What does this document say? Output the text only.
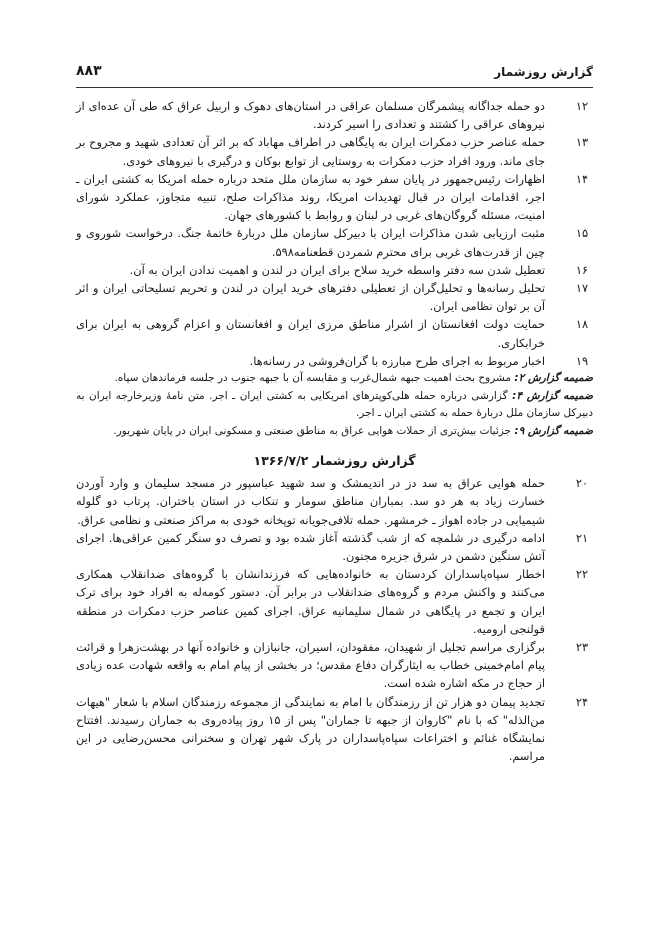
گزارش روزشمار
۸۸۳
۱۲
دو حمله جداگانه پیشمرگان مسلمان عراقی در استان‌های دهوک و اربیل عراق که طی آن عده‌ای از نیروهای عراقی را کشتند و تعدادی را اسیر کردند.
۱۳
حمله عناصر حزب دمکرات ایران به پایگاهی در اطراف مهاباد که بر اثر آن تعدادی شهید و مجروح بر جای ماند. ورود افراد حزب دمکرات به روستایی از توابع بوکان و درگیری با نیروهای خودی.
۱۴
اظهارات رئیس‌جمهور در پایان سفر خود به سازمان ملل متحد درباره حمله امریکا به کشتی ایران ـ اجر، اقدامات ایران در قبال تهدیدات امریکا، روند مذاکرات صلح، تنبیه متجاوز، عملکرد شورای امنیت، مسئله گروگان‌های غربی در لبنان و روابط با کشورهای جهان.
۱۵
مثبت ارزیابی شدن مذاکرات ایران با دبیرکل سازمان ملل دربارهٔ خاتمهٔ جنگ. درخواست شوروی و چین از قدرت‌های غربی برای محترم شمردن قطعنامه۵۹۸.
۱۶
تعطیل شدن سه دفتر واسطه خرید سلاح برای ایران در لندن و اهمیت ندادن ایران به آن.
۱۷
تحلیل رسانه‌ها و تحلیل‌گران از تعطیلی دفترهای خرید ایران در لندن و تحریم تسلیحاتی ایران و اثر آن بر توان نظامی ایران.
۱۸
حمایت دولت افغانستان از اشرار مناطق مرزی ایران و افغانستان و اعزام گروهی به ایران برای خرابکاری.
۱۹
اخبار مربوط به اجرای طرح مبارزه با گران‌فروشی در رسانه‌ها.
ضمیمه گزارش ۲: مشروح بحث اهمیت جبهه شمال‌غرب و مقایسه آن با جبهه جنوب در جلسه فرماندهان سپاه.
ضمیمه گزارش ۴: گزارشی درباره حمله هلی‌کوپترهای امریکایی به کشتی ایران ـ اجر. متن نامهٔ وزیرخارجه ایران به دبیرکل سازمان ملل دربارهٔ حمله به کشتی ایران ـ اجر.
ضمیمه گزارش ۹: جزئیات بیش‌تری از حملات هوایی عراق به مناطق صنعتی و مسکونی ایران در پایان شهریور.
گزارش روزشمار ۱۳۶۶/۷/۲
۲۰
حمله هوایی عراق به سد دز در اندیمشک و سد شهید عباسپور در مسجد سلیمان و وارد آوردن خسارت زیاد به هر دو سد. بمباران مناطق سومار و تنکاب در استان باختران. پرتاب دو گلوله شیمیایی در جاده اهواز ـ خرمشهر. حمله تلافی‌جویانه توپخانه خودی به مراکز صنعتی و نظامی عراق.
۲۱
ادامه درگیری در شلمچه که از شب گذشته آغاز شده بود و تصرف دو سنگر کمین عراقی‌ها. اجرای آتش سنگین دشمن در شرق جزیره مجنون.
۲۲
اخطار سپاه‌پاسداران کردستان به خانواده‌هایی که فرزندانشان با گروه‌های ضدانقلاب همکاری می‌کنند و واکنش مردم و گروه‌های ضدانقلاب در برابر آن. دستور کومه‌له به افراد خود برای ترک ایران و تجمع در پایگاهی در شمال سلیمانیه عراق. اجرای کمین عناصر حزب دمکرات در منطقه قولنجی ارومیه.
۲۳
برگزاری مراسم تجلیل از شهیدان، مفقودان، اسیران، جانبازان و خانواده آنها در بهشت‌زهرا و قرائت پیام امام‌خمینی خطاب به ایثارگران دفاع مقدس؛ در بخشی از پیام امام به واقعه شهادت عده زیادی از حجاج در مکه اشاره شده است.
۲۴
تجدید پیمان دو هزار تن از رزمندگان با امام به نمایندگی از مجموعه رزمندگان اسلام با شعار "هیهات من‌الذله" که با نام "کاروان از جبهه تا جماران" پس از ۱۵ روز پیاده‌روی به جماران رسیدند. افتتاح نمایشگاه غنائم و اختراعات سپاه‌پاسداران در پارک شهر تهران و سخنرانی محسن‌رضایی در این مراسم.
